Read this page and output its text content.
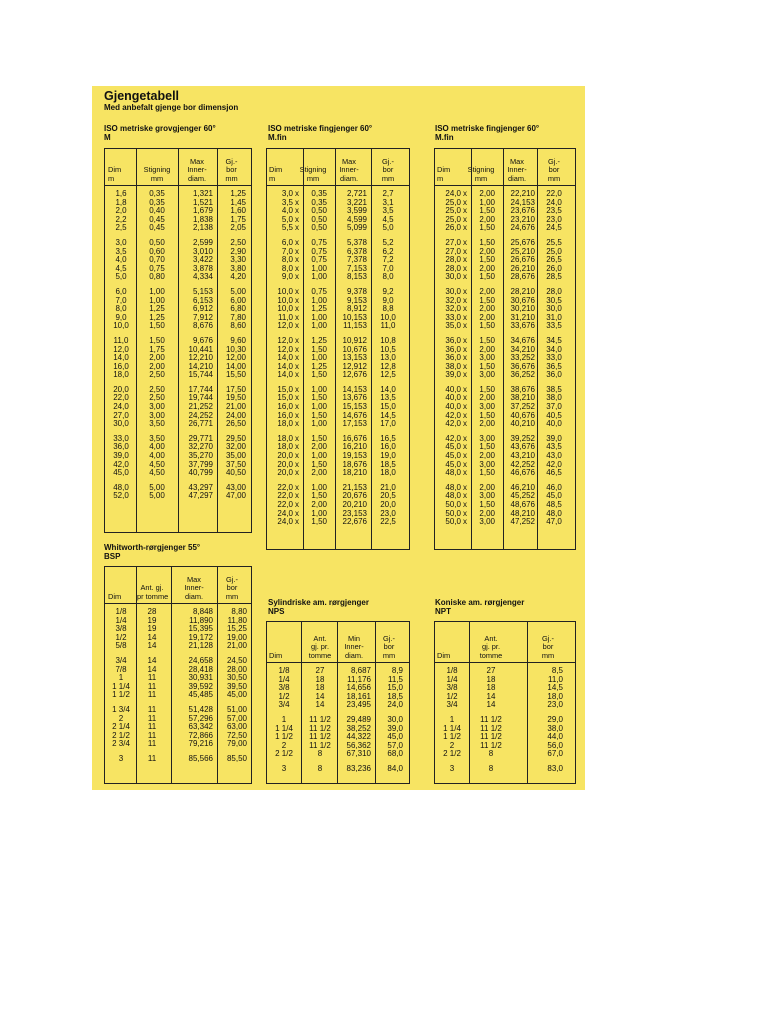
Gjengetabell
Med anbefalt gjenge bor dimensjon
ISO metriske grovgjenger 60°
M
Dim
m
Stigning
mm
Max
Inner-
diam.
Gj.-
bor
mm
1,6	0,35	1,321	1,25
1,8	0,35	1,521	1,45
2,0	0,40	1,679	1,60
2,2	0,45	1,838	1,75
2,5	0,45	2,138	2,05
3,0	0,50	2,599	2,50
3,5	0,60	3,010	2,90
4,0	0,70	3,422	3,30
4,5	0,75	3,878	3,80
5,0	0,80	4,334	4,20
6,0	1,00	5,153	5,00
7,0	1,00	6,153	6,00
8,0	1,25	6,912	6,80
9,0	1,25	7,912	7,80
10,0	1,50	8,676	8,60
11,0	1,50	9,676	9,60
12,0	1,75	10,441	10,30
14,0	2,00	12,210	12,00
16,0	2,00	14,210	14,00
18,0	2,50	15,744	15,50
20,0	2,50	17,744	17,50
22,0	2,50	19,744	19,50
24,0	3,00	21,252	21,00
27,0	3,00	24,252	24,00
30,0	3,50	26,771	26,50
33,0	3,50	29,771	29,50
36,0	4,00	32,270	32,00
39,0	4,00	35,270	35,00
42,0	4,50	37,799	37,50
45,0	4,50	40,799	40,50
48,0	5,00	43,297	43,00
52,0	5,00	47,297	47,00
ISO metriske fingjenger 60°
M.fin
Dim
m
Stigning
mm
Max
Inner-
diam.
Gj.-
bor
mm
3,0 x	0,35	2,721	2,7
3,5 x	0,35	3,221	3,1
4,0 x	0,50	3,599	3,5
5,0 x	0,50	4,599	4,5
5,5 x	0,50	5,099	5,0
6,0 x	0,75	5,378	5,2
7,0 x	0,75	6,378	6,2
8,0 x	0,75	7,378	7,2
8,0 x	1,00	7,153	7,0
9,0 x	1,00	8,153	8,0
10,0 x	0,75	9,378	9,2
10,0 x	1,00	9,153	9,0
10,0 x	1,25	8,912	8,8
11,0 x	1,00	10,153	10,0
12,0 x	1,00	11,153	11,0
12,0 x	1,25	10,912	10,8
12,0 x	1,50	10,676	10,5
14,0 x	1,00	13,153	13,0
14,0 x	1,25	12,912	12,8
14,0 x	1,50	12,676	12,5
15,0 x	1,00	14,153	14,0
15,0 x	1,50	13,676	13,5
16,0 x	1,00	15,153	15,0
16,0 x	1,50	14,676	14,5
18,0 x	1,00	17,153	17,0
18,0 x	1,50	16,676	16,5
18,0 x	2,00	16,210	16,0
20,0 x	1,00	19,153	19,0
20,0 x	1,50	18,676	18,5
20,0 x	2,00	18,210	18,0
22,0 x	1,00	21,153	21,0
22,0 x	1,50	20,676	20,5
22,0 x	2,00	20,210	20,0
24,0 x	1,00	23,153	23,0
24,0 x	1,50	22,676	22,5
ISO metriske fingjenger 60°
M.fin
Dim
m
Stigning
mm
Max
Inner-
diam.
Gj.-
bor
mm
24,0 x	2,00	22,210	22,0
25,0 x	1,00	24,153	24,0
25,0 x	1,50	23,676	23,5
25,0 x	2,00	23,210	23,0
26,0 x	1,50	24,676	24,5
27,0 x	1,50	25,676	25,5
27,0 x	2,00	25,210	25,0
28,0 x	1,50	26,676	26,5
28,0 x	2,00	26,210	26,0
30,0 x	1,50	28,676	28,5
30,0 x	2,00	28,210	28,0
32,0 x	1,50	30,676	30,5
32,0 x	2,00	30,210	30,0
33,0 x	2,00	31,210	31,0
35,0 x	1,50	33,676	33,5
36,0 x	1,50	34,676	34,5
36,0 x	2,00	34,210	34,0
36,0 x	3,00	33,252	33,0
38,0 x	1,50	36,676	36,5
39,0 x	3,00	36,252	36,0
40,0 x	1,50	38,676	38,5
40,0 x	2,00	38,210	38,0
40,0 x	3,00	37,252	37,0
42,0 x	1,50	40,676	40,5
42,0 x	2,00	40,210	40,0
42,0 x	3,00	39,252	39,0
45,0 x	1,50	43,676	43,5
45,0 x	2,00	43,210	43,0
45,0 x	3,00	42,252	42,0
48,0 x	1,50	46,676	46,5
48,0 x	2,00	46,210	46,0
48,0 x	3,00	45,252	45,0
50,0 x	1,50	48,676	48,5
50,0 x	2,00	48,210	48,0
50,0 x	3,00	47,252	47,0
Whitworth-rørgjenger 55°
BSP
Dim
Ant. gj.
pr tomme
Max
Inner-
diam.
Gj.-
bor
mm
1/8	28	8,848	8,80
1/4	19	11,890	11,80
3/8	19	15,395	15,25
1/2	14	19,172	19,00
5/8	14	21,128	21,00
3/4	14	24,658	24,50
7/8	14	28,418	28,00
1	11	30,931	30,50
1 1/4	11	39,592	39,50
1 1/2	11	45,485	45,00
1 3/4	11	51,428	51,00
2	11	57,296	57,00
2 1/4	11	63,342	63,00
2 1/2	11	72,866	72,50
2 3/4	11	79,216	79,00
3	11	85,566	85,50
Sylindriske am. rørgjenger
NPS
Dim
Ant.
gj. pr.
tomme
Min
Inner-
diam.
Gj.-
bor
mm
1/8	27	8,687	8,9
1/4	18	11,176	11,5
3/8	18	14,656	15,0
1/2	14	18,161	18,5
3/4	14	23,495	24,0
1	11 1/2	29,489	30,0
1 1/4	11 1/2	38,252	39,0
1 1/2	11 1/2	44,322	45,0
2	11 1/2	56,362	57,0
2 1/2	8	67,310	68,0
3	8	83,236	84,0
Koniske am. rørgjenger
NPT
Dim
Ant.
gj. pr.
tomme
Gj.-
bor
mm
1/8	27	8,5
1/4	18	11,0
3/8	18	14,5
1/2	14	18,0
3/4	14	23,0
1	11 1/2	29,0
1 1/4	11 1/2	38,0
1 1/2	11 1/2	44,0
2	11 1/2	56,0
2 1/2	8	67,0
3	8	83,0
